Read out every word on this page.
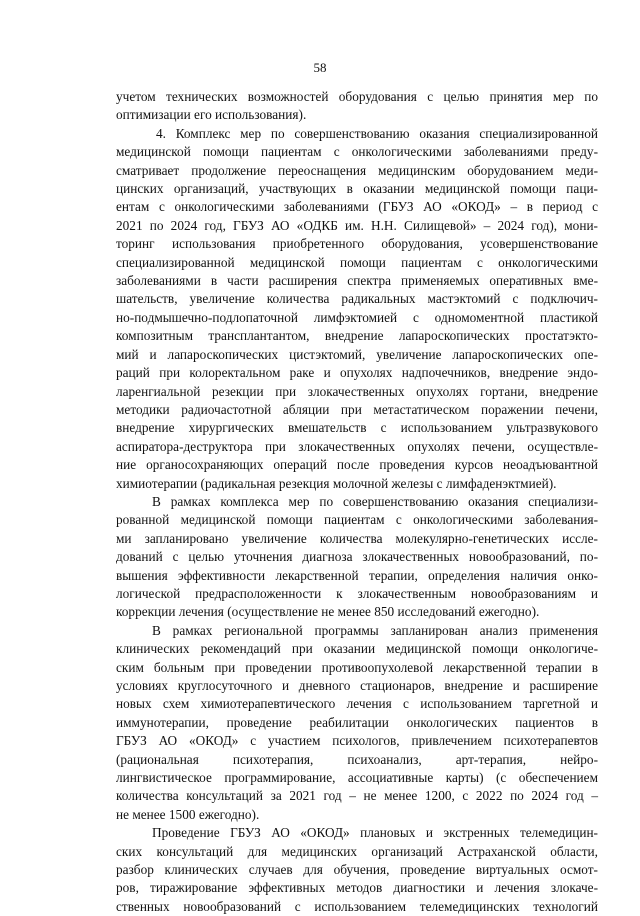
58
учетом технических возможностей оборудования с целью принятия мер по
оптимизации его использования).
4. Комплекс мер по совершенствованию оказания специализированной
медицинской помощи пациентам с онкологическими заболеваниями преду-
сматривает продолжение переоснащения медицинским оборудованием меди-
цинских организаций, участвующих в оказании медицинской помощи паци-
ентам с онкологическими заболеваниями (ГБУЗ АО «ОКОД» – в период с
2021 по 2024 год, ГБУЗ АО «ОДКБ им. Н.Н. Силищевой» – 2024 год), мони-
торинг использования приобретенного оборудования, усовершенствование
специализированной медицинской помощи пациентам с онкологическими
заболеваниями в части расширения спектра применяемых оперативных вме-
шательств, увеличение количества радикальных мастэктомий с подключич-
но-подмышечно-подлопаточной лимфэктомией с одномоментной пластикой
композитным трансплантантом, внедрение лапароскопических простатэкто-
мий и лапароскопических цистэктомий, увеличение лапароскопических опе-
раций при колоректальном раке и опухолях надпочечников, внедрение эндо-
ларенгиальной резекции при злокачественных опухолях гортани, внедрение
методики радиочастотной абляции при метастатическом поражении печени,
внедрение хирургических вмешательств с использованием ультразвукового
аспиратора-деструктора при злокачественных опухолях печени, осуществле-
ние органосохраняющих операций после проведения курсов неоадъювантной
химиотерапии (радикальная резекция молочной железы с лимфаденэктмией).
В рамках комплекса мер по совершенствованию оказания специализи-
рованной медицинской помощи пациентам с онкологическими заболевания-
ми запланировано увеличение количества молекулярно-генетических иссле-
дований с целью уточнения диагноза злокачественных новообразований, по-
вышения эффективности лекарственной терапии, определения наличия онко-
логической предрасположенности к злокачественным новообразованиям и
коррекции лечения (осуществление не менее 850 исследований ежегодно).
В рамках региональной программы запланирован анализ применения
клинических рекомендаций при оказании медицинской помощи онкологиче-
ским больным при проведении противоопухолевой лекарственной терапии в
условиях круглосуточного и дневного стационаров, внедрение и расширение
новых схем химиотерапевтического лечения с использованием таргетной и
иммунотерапии, проведение реабилитации онкологических пациентов в
ГБУЗ АО «ОКОД» с участием психологов, привлечением психотерапевтов
(рациональная психотерапия, психоанализ, арт-терапия, нейро-
лингвистическое программирование, ассоциативные карты) (с обеспечением
количества консультаций за 2021 год – не менее 1200, с 2022 по 2024 год –
не менее 1500 ежегодно).
Проведение ГБУЗ АО «ОКОД» плановых и экстренных телемедицин-
ских консультаций для медицинских организаций Астраханской области,
разбор клинических случаев для обучения, проведение виртуальных осмот-
ров, тиражирование эффективных методов диагностики и лечения злокаче-
ственных новообразований с использованием телемедицинских технологий
